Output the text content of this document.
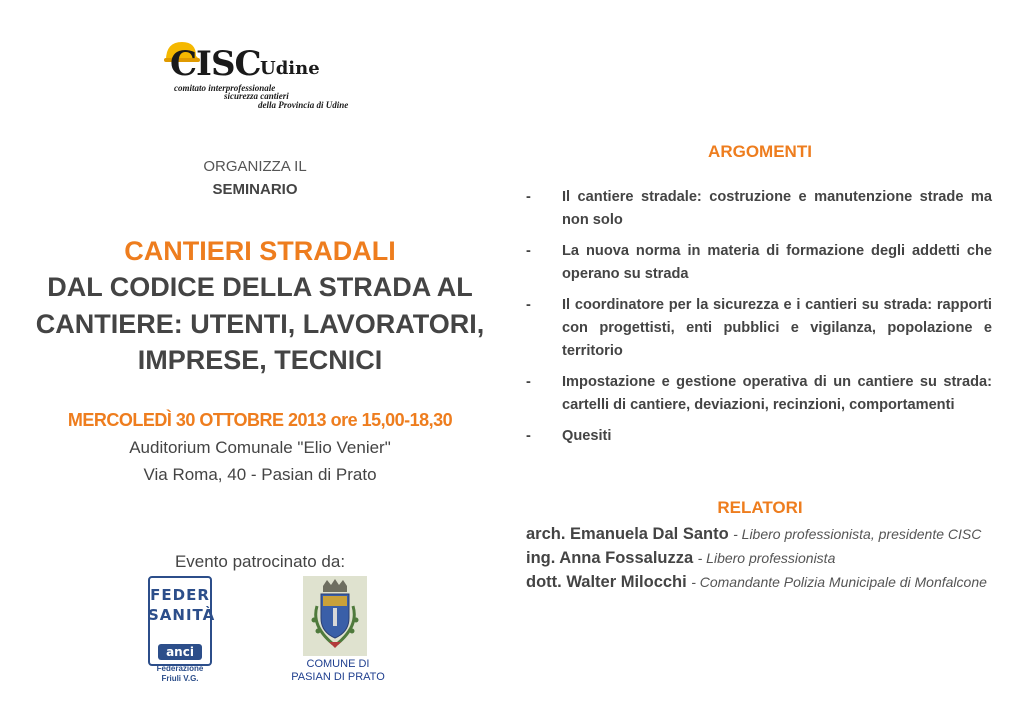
CISC Udine
comitato interprofessionale
sicurezza cantieri
della Provincia di Udine
ORGANIZZA IL
SEMINARIO
CANTIERI STRADALI
DAL CODICE DELLA STRADA AL
CANTIERE: UTENTI, LAVORATORI,
IMPRESE, TECNICI
MERCOLEDÌ 30 OTTOBRE 2013 ore 15,00-18,30
Auditorium Comunale "Elio Venier"
Via Roma, 40 - Pasian di Prato
Evento patrocinato da:
FEDER
SANITÀ
anci
Federazione
Friuli V.G.
COMUNE DI
PASIAN DI PRATO
ARGOMENTI
- Il cantiere stradale: costruzione e manutenzione strade ma non solo
- La nuova norma in materia di formazione degli addetti che operano su strada
- Il coordinatore per la sicurezza e i cantieri su strada: rapporti con progettisti, enti pubblici e vigilanza, popolazione e territorio
- Impostazione e gestione operativa di un cantiere su strada: cartelli di cantiere, deviazioni, recinzioni, comportamenti
- Quesiti
RELATORI
arch. Emanuela Dal Santo - Libero professionista, presidente CISC
ing. Anna Fossaluzza - Libero professionista
dott. Walter Milocchi - Comandante Polizia Municipale di Monfalcone
